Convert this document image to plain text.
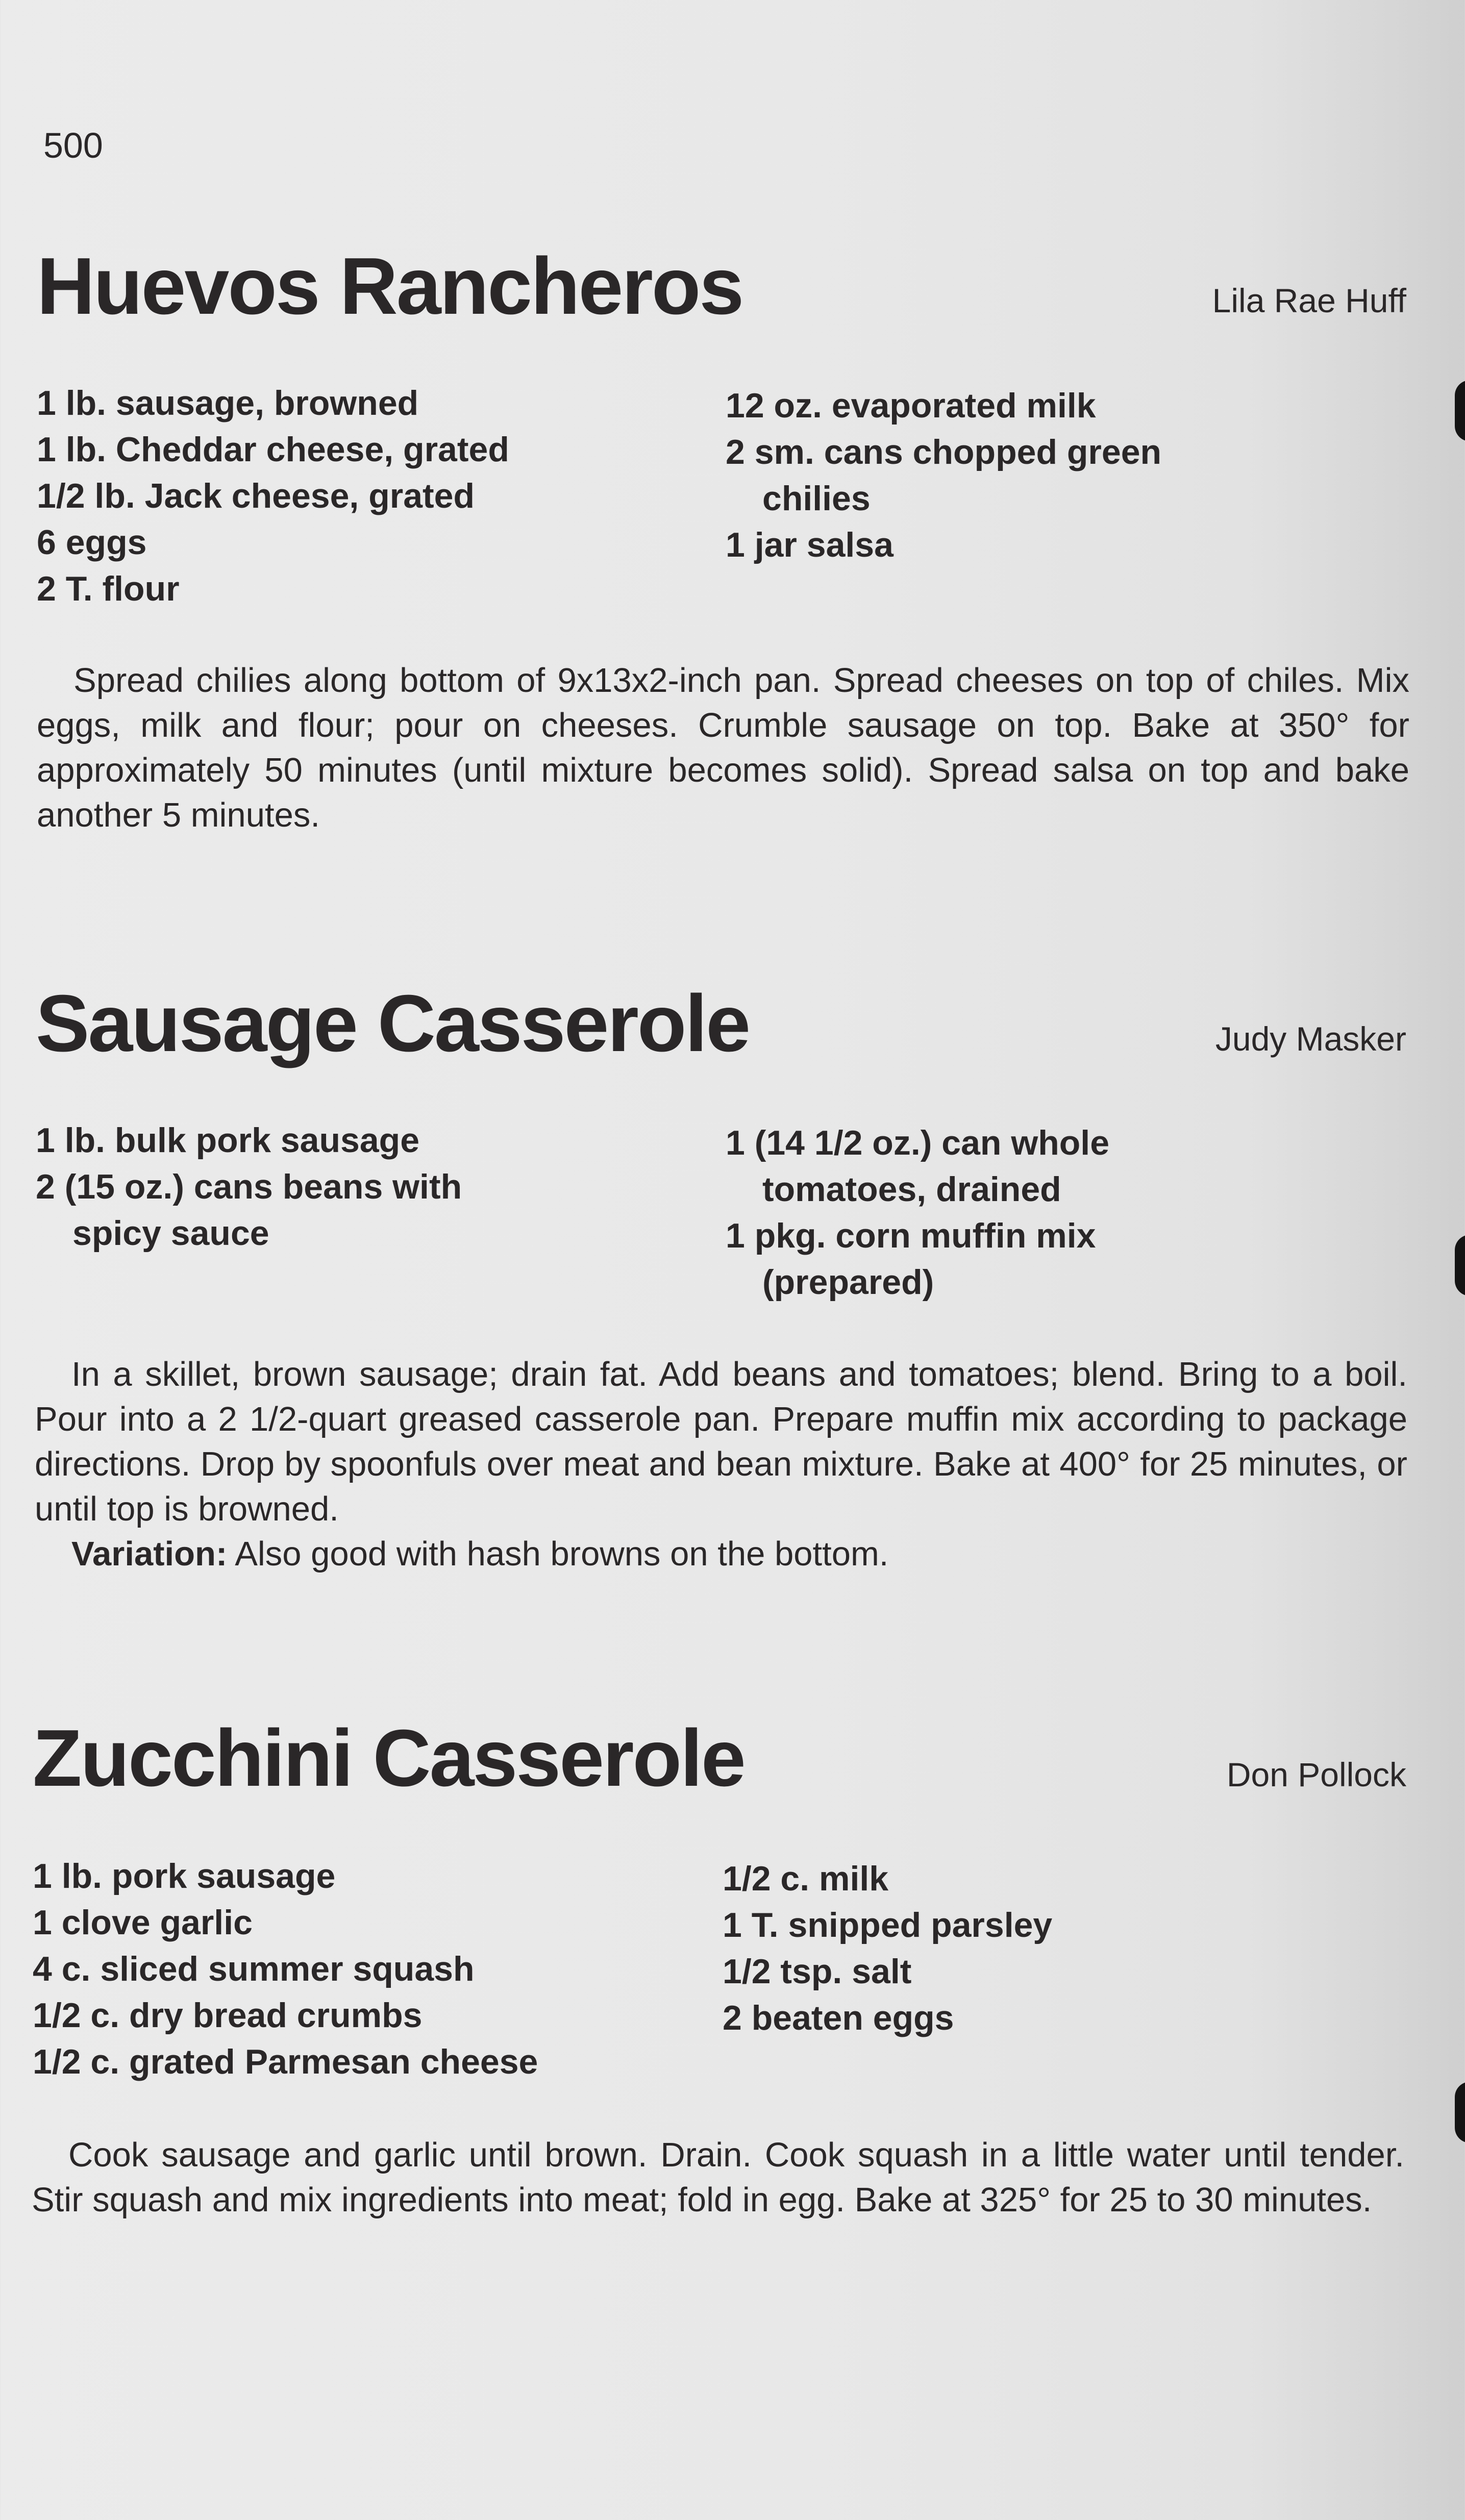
500
Huevos Rancheros	Lila Rae Huff
1 lb. sausage, browned
1 lb. Cheddar cheese, grated
1/2 lb. Jack cheese, grated
6 eggs
2 T. flour
12 oz. evaporated milk
2 sm. cans chopped green
chilies
1 jar salsa

Spread chilies along bottom of 9x13x2-inch pan. Spread cheeses on top of chiles. Mix eggs, milk and flour; pour on cheeses. Crumble sausage on top. Bake at 350° for approximately 50 minutes (until mixture becomes solid). Spread salsa on top and bake another 5 minutes.

Sausage Casserole	Judy Masker
1 lb. bulk pork sausage
2 (15 oz.) cans beans with
spicy sauce
1 (14 1/2 oz.) can whole
tomatoes, drained
1 pkg. corn muffin mix
(prepared)

In a skillet, brown sausage; drain fat. Add beans and tomatoes; blend. Bring to a boil. Pour into a 2 1/2-quart greased casserole pan. Prepare muffin mix according to package directions. Drop by spoonfuls over meat and bean mixture. Bake at 400° for 25 minutes, or until top is browned.

Variation: Also good with hash browns on the bottom.

Zucchini Casserole	Don Pollock
1 lb. pork sausage
1 clove garlic
4 c. sliced summer squash
1/2 c. dry bread crumbs
1/2 c. grated Parmesan cheese
1/2 c. milk
1 T. snipped parsley
1/2 tsp. salt
2 beaten eggs

Cook sausage and garlic until brown. Drain. Cook squash in a little water until tender. Stir squash and mix ingredients into meat; fold in egg. Bake at 325° for 25 to 30 minutes.
